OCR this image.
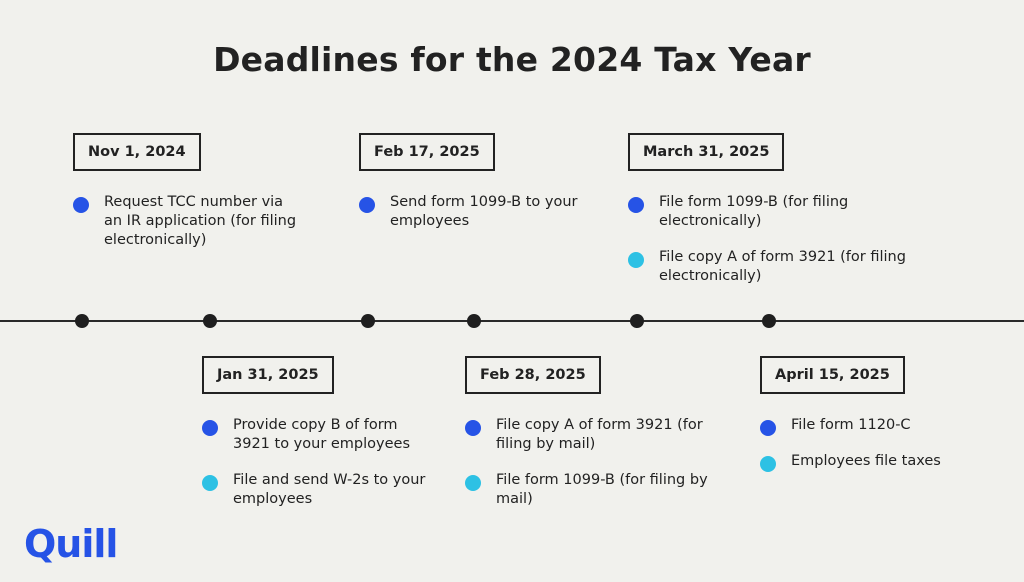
Deadlines for the 2024 Tax Year
Nov 1, 2024
Request TCC number via an IR application (for filing electronically)
Jan 31, 2025
Provide copy B of form 3921 to your employees
File and send W-2s to your employees
Feb 17, 2025
Send form 1099-B to your employees
Feb 28, 2025
File copy A of form 3921 (for filing by mail)
File form 1099-B (for filing by mail)
March 31, 2025
File form 1099-B (for filing electronically)
File copy A of form 3921 (for filing electronically)
April 15, 2025
File form 1120-C
Employees file taxes
Quill
